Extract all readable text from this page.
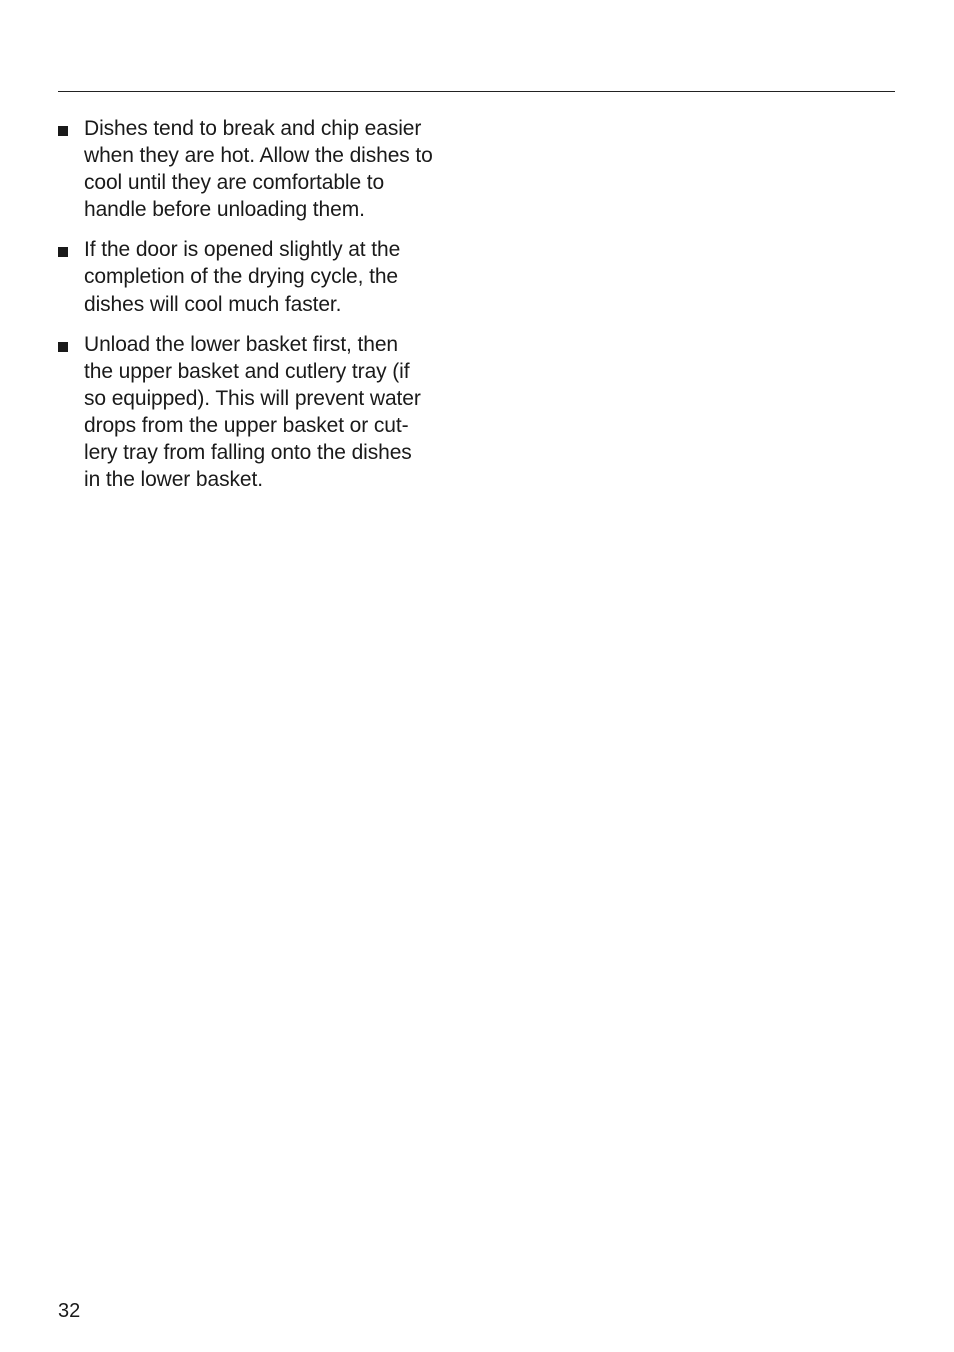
Dishes tend to break and chip easier
when they are hot. Allow the dishes to
cool until they are comfortable to
handle before unloading them.
If the door is opened slightly at the
completion of the drying cycle, the
dishes will cool much faster.
Unload the lower basket first, then
the upper basket and cutlery tray (if
so equipped). This will prevent water
drops from the upper basket or cut-
lery tray from falling onto the dishes
in the lower basket.
32
